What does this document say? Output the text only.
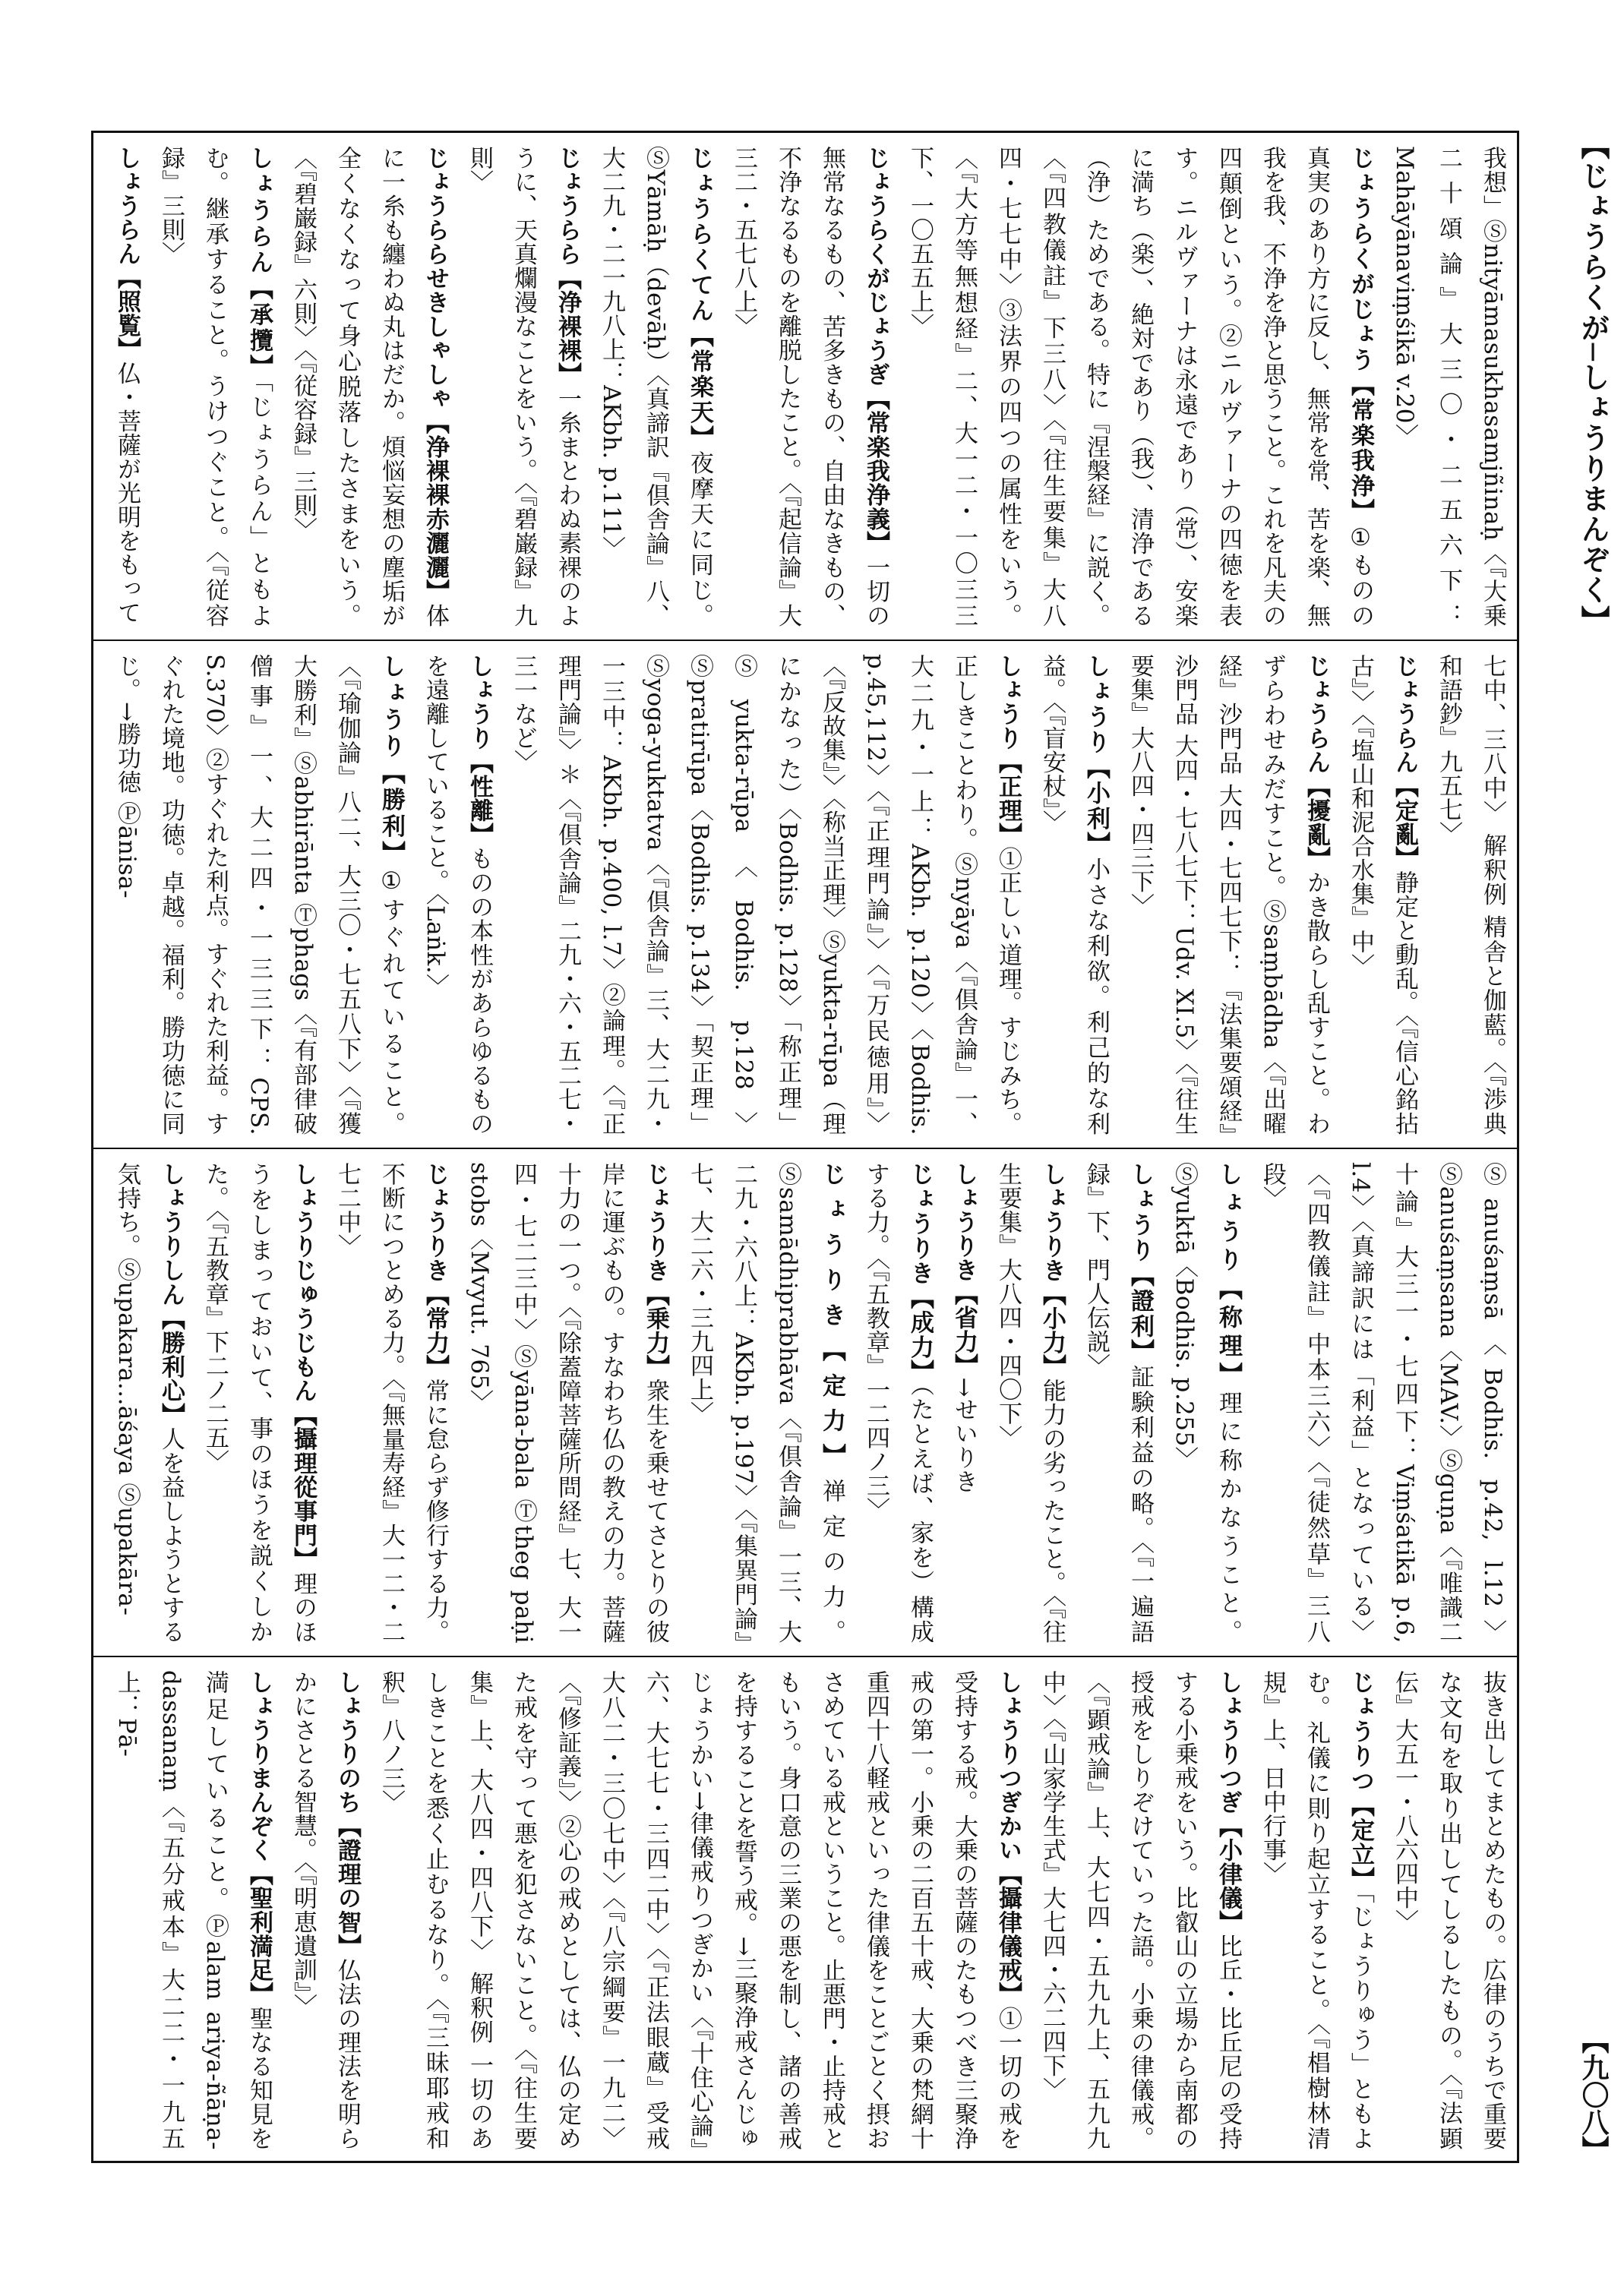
【じょうらくが─しょうりまんぞく】

我想」Ⓢnityāmasukhasamjñinaḥ〈『大乗二十頌論』大三〇・二五六下：Mahāyānaviṃśikā v.20〉
じょうらくがじょう【常楽我浄】①ものの真実のあり方に反し、無常を常、苦を楽、無我を我、不浄を浄と思うこと。これを凡夫の四顛倒という。②ニルヴァーナの四徳を表す。ニルヴァーナは永遠であり（常）、安楽に満ち（楽）、絶対であり（我）、清浄である（浄）ためである。特に『涅槃経』に説く。〈『四教儀註』下三八〉〈『往生要集』大八四・七七中〉③法界の四つの属性をいう。〈『大方等無想経』二、大一二・一〇三三下、一〇五五上〉
じょうらくがじょうぎ【常楽我浄義】一切の無常なるもの、苦多きもの、自由なきもの、不浄なるものを離脱したこと。〈『起信論』大三二・五七八上〉
じょうらくてん【常楽天】夜摩天に同じ。ⓈYāmāḥ（devāḥ）〈真諦訳『倶舎論』八、大二九・二一九八上：AKbh. p.111〉
じょうらら【浄裸裸】一糸まとわぬ素裸のように、天真爛漫なことをいう。〈『碧巌録』九則〉
じょうららせきしゃしゃ【浄裸裸赤灑灑】体に一糸も纏わぬ丸はだか。煩悩妄想の塵垢が全くなくなって身心脱落したさまをいう。〈『碧巌録』六則〉〈『従容録』三則〉
しょうらん【承攬】「じょうらん」ともよむ。継承すること。うけつぐこと。〈『従容録』三則〉
しょうらん【照覧】仏・菩薩が光明をもって

七中、三八中〉 解釈例 精舎と伽藍。〈『渉典和語鈔』九五七〉
じょうらん【定亂】静定と動乱。〈『信心銘拈古』〉〈『塩山和泥合水集』中〉
じょうらん【擾亂】かき散らし乱すこと。わずらわせみだすこと。Ⓢsaṃbādha〈『出曜経』沙門品 大四・七四七下：『法集要頌経』沙門品 大四・七八七下：Udv. XI.5〉〈『往生要集』大八四・四三下〉
しょうり【小利】小さな利欲。利己的な利益。〈『盲安杖』〉
しょうり【正理】①正しい道理。すじみち。正しきことわり。Ⓢnyāya〈『倶舎論』一、大二九・一上：AKbh. p.120〉〈Bodhis. p.45,112〉〈『正理門論』〉〈『万民徳用』〉〈『反故集』〉〈称当正理〉Ⓢyukta-rūpa（理にかなった）〈Bodhis. p.128〉「称正理」Ⓢyukta-rūpa〈Bodhis. p.128〉Ⓢpratirūpa〈Bodhis. p.134〉「契正理」Ⓢyoga-yuktatva〈『倶舎論』三、大二九・一三中：AKbh. p.400, l.7〉②論理。〈『正理門論』〉＊〈『倶舎論』二九・六・五二七・三一など〉
しょうり【性離】ものの本性があらゆるものを遠離していること。〈Laṅk.〉
しょうり【勝利】①すぐれていること。〈『瑜伽論』八二、大三〇・七五八下〉〈『獲大勝利』Ⓢabhirānta Ⓣphags〈『有部律破僧事』一、大二四・一三三下：CPS. S.370〉②すぐれた利点。すぐれた利益。すぐれた境地。功徳。卓越。福利。勝功徳に同じ。→勝功徳 Ⓟānisa-
Ⓢanuśaṃsā〈Bodhis. p.42, l.12〉Ⓢanuśaṃsana〈MAV.〉Ⓢguṇa〈『唯識二十論』大三一・七四下：Viṃśatikā p.6, l.4〉〈真諦訳には「利益」となっている〉〈『四教儀註』中本三六〉〈『徒然草』三八段〉
しょうり【称理】理に称かなうこと。Ⓢyuktā〈Bodhis. p.255〉
しょうり【證利】証験利益の略。〈『一遍語録』下、門人伝説〉
しょうりき【小力】能力の劣ったこと。〈『往生要集』大八四・四〇下〉
しょうりき【省力】→せいりき
じょうりき【成力】（たとえば、家を）構成する力。〈『五教章』一二四ノ三〉
じょうりき【定力】禅定の力。Ⓢsamādhiprabhāva〈『倶舎論』一三、大二九・六八上：AKbh. p.197〉〈『集異門論』七、大二六・三九四上〉
じょうりき【乗力】衆生を乗せてさとりの彼岸に運ぶもの。すなわち仏の教えの力。菩薩十力の一つ。〈『除蓋障菩薩所問経』七、大一四・七二三中〉Ⓢyāna-bala Ⓣtheg paḥi stobs〈Mvyut. 765〉
じょうりき【常力】常に怠らず修行する力。不断につとめる力。〈『無量寿経』大一二・二七二中〉
しょうりじゅうじもん【攝理從事門】理のほうをしまっておいて、事のほうを説くしかた。〈『五教章』下二ノ二五〉
しょうりしん【勝利心】人を益しようとする気持ち。Ⓢupakara...āśaya Ⓢupakāra-

抜き出してまとめたもの。広律のうちで重要な文句を取り出してしるしたもの。〈『法顕伝』大五一・八六四中〉
じょうりつ【定立】「じょうりゅう」ともよむ。礼儀に則り起立すること。〈『椙樹林清規』上、日中行事〉
しょうりつぎ【小律儀】比丘・比丘尼の受持する小乗戒をいう。比叡山の立場から南都の授戒をしりぞけていった語。小乗の律儀戒。〈『顕戒論』上、大七四・五九九上、五九九中〉〈『山家学生式』大七四・六二四下〉
しょうりつぎかい【攝律儀戒】①一切の戒を受持する戒。大乗の菩薩のたもつべき三聚浄戒の第一。小乗の二百五十戒、大乗の梵網十重四十八軽戒といった律儀をことごとく摂おさめている戒ということ。止悪門・止持戒ともいう。身口意の三業の悪を制し、諸の善戒を持することを誓う戒。→三聚浄戒さんじゅじょうかい→律儀戒りつぎかい〈『十住心論』六、大七七・三四二中〉〈『正法眼蔵』受戒 大八二・三〇七中〉〈『八宗綱要』一九二〉〈『修証義』〉②心の戒めとしては、仏の定めた戒を守って悪を犯さないこと。〈『往生要集』上、大八四・四八下〉 解釈例 一切のあしきことを悉く止むるなり。〈『三昧耶戒和釈』八ノ三〉
しょうりのち【證理の智】仏法の理法を明らかにさとる智慧。〈『明恵遺訓』〉
しょうりまんぞく【聖利満足】聖なる知見を満足していること。Ⓟalam ariya-ñāṇa-dassanaṃ〈『五分戒本』大二二・一九五上：Pā-
【九〇八】
